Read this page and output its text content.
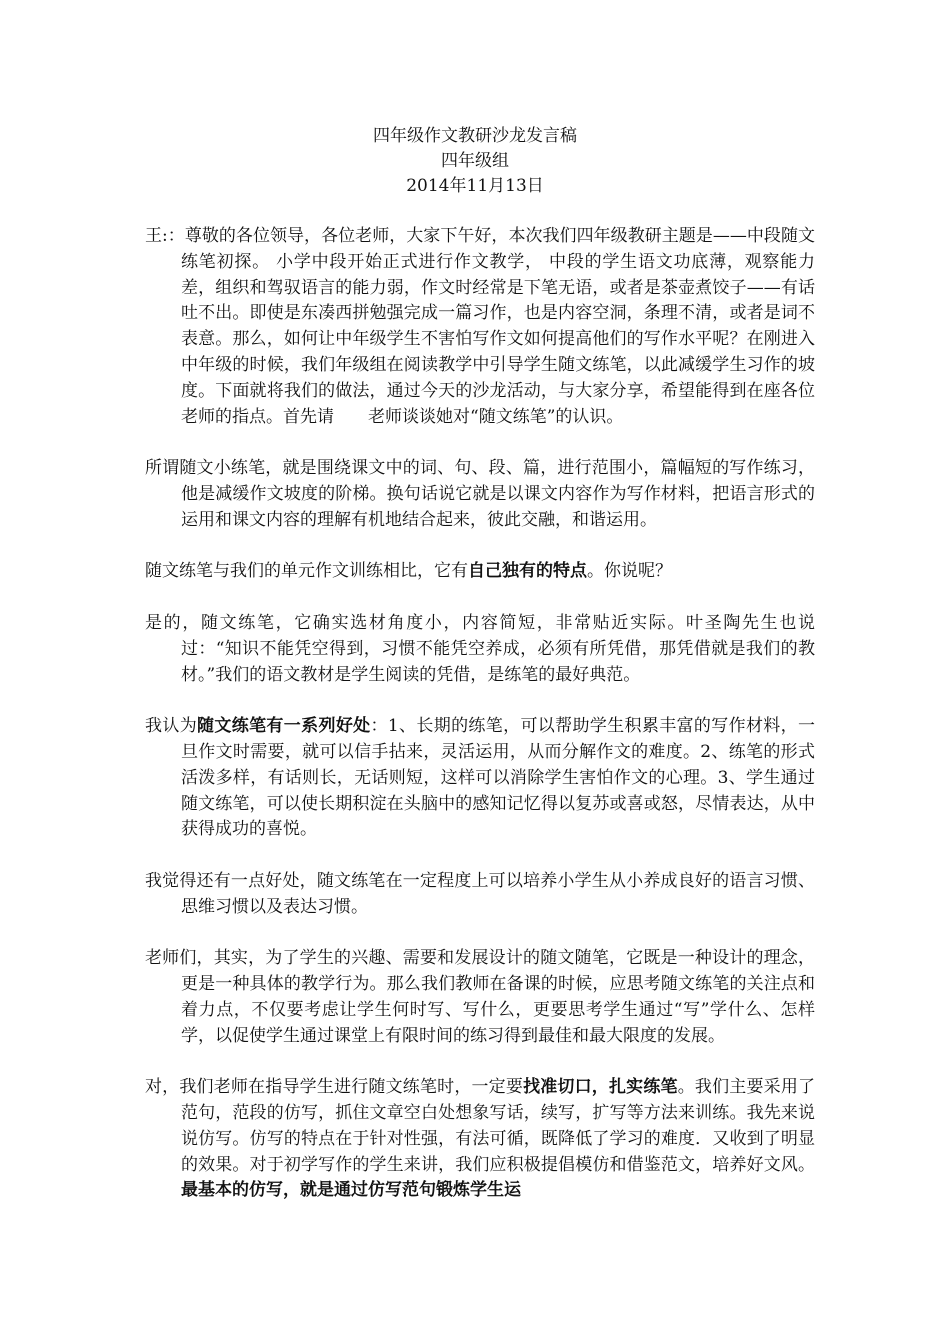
四年级作文教研沙龙发言稿
四年级组
2014年11月13日

王:：尊敬的各位领导，各位老师，大家下午好，本次我们四年级教研主题是——中段随文练笔初探。 小学中段开始正式进行作文教学， 中段的学生语文功底薄，观察能力差，组织和驾驭语言的能力弱，作文时经常是下笔无语，或者是茶壶煮饺子——有话吐不出。即使是东凑西拼勉强完成一篇习作，也是内容空洞，条理不清，或者是词不表意。那么，如何让中年级学生不害怕写作文如何提高他们的写作水平呢？在刚进入中年级的时候，我们年级组在阅读教学中引导学生随文练笔，以此减缓学生习作的坡度。下面就将我们的做法，通过今天的沙龙活动，与大家分享，希望能得到在座各位老师的指点。首先请 老师谈谈她对“随文练笔”的认识。

所谓随文小练笔，就是围绕课文中的词、句、段、篇，进行范围小，篇幅短的写作练习，他是减缓作文坡度的阶梯。换句话说它就是以课文内容作为写作材料，把语言形式的运用和课文内容的理解有机地结合起来，彼此交融，和谐运用。

随文练笔与我们的单元作文训练相比，它有自己独有的特点。你说呢？

是的，随文练笔，它确实选材角度小，内容简短，非常贴近实际。叶圣陶先生也说过：“知识不能凭空得到，习惯不能凭空养成，必须有所凭借，那凭借就是我们的教材。”我们的语文教材是学生阅读的凭借，是练笔的最好典范。

我认为随文练笔有一系列好处：1、长期的练笔，可以帮助学生积累丰富的写作材料，一旦作文时需要，就可以信手拈来，灵活运用，从而分解作文的难度。2、练笔的形式活泼多样，有话则长，无话则短，这样可以消除学生害怕作文的心理。3、学生通过随文练笔，可以使长期积淀在头脑中的感知记忆得以复苏或喜或怒，尽情表达，从中获得成功的喜悦。

我觉得还有一点好处，随文练笔在一定程度上可以培养小学生从小养成良好的语言习惯、思维习惯以及表达习惯。

老师们，其实，为了学生的兴趣、需要和发展设计的随文随笔，它既是一种设计的理念，更是一种具体的教学行为。那么我们教师在备课的时候，应思考随文练笔的关注点和着力点，不仅要考虑让学生何时写、写什么，更要思考学生通过“写”学什么、怎样学，以促使学生通过课堂上有限时间的练习得到最佳和最大限度的发展。

对，我们老师在指导学生进行随文练笔时，一定要找准切口，扎实练笔。我们主要采用了范句，范段的仿写，抓住文章空白处想象写话，续写，扩写等方法来训练。我先来说说仿写。仿写的特点在于针对性强，有法可循，既降低了学习的难度．又收到了明显的效果。对于初学写作的学生来讲，我们应积极提倡模仿和借鉴范文，培养好文风。最基本的仿写，就是通过仿写范句锻炼学生运
